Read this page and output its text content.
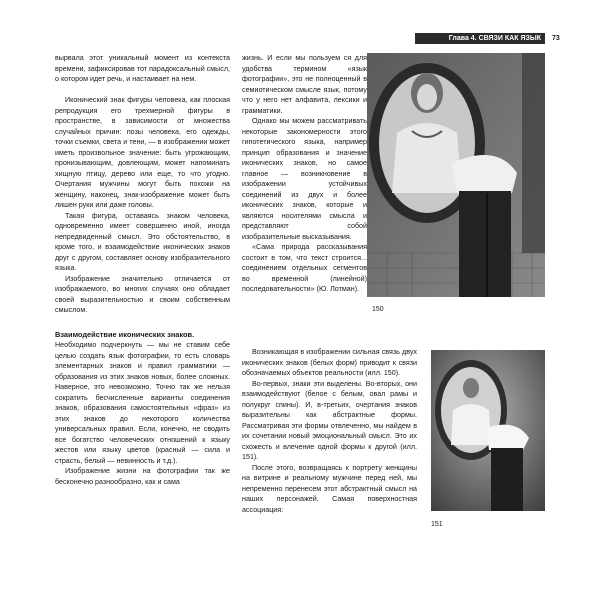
Глава 4. СВЯЗИ КАК ЯЗЫК	73

вырвала этот уникальный момент из контекста времени, зафиксировав тот парадоксальный смысл, о котором идет речь, и настаивает на нем.

Иконический знак фигуры человека, как плоская репродукция его трехмерной фигуры в пространстве, в зависимости от множества случайных причин: позы человека, его одежды, точки съемки, света и тени, — в изображении может иметь произвольное значение: быть угрожающим, пронизывающим, довлеющим, может напоминать хищную птицу, дерево или еще, то что угодно. Очертания мужчины могут быть похожи на женщину, наконец, знак-изображение может быть лишен руки или даже головы.

Такая фигура, оставаясь знаком человека, одновременно имеет совершенно иной, иногда непредвиденный смысл. Это обстоятельство, в кроме того, и взаимодействие иконических знаков друг с другом, составляет основу изобразительного языка.

Изображение значительно отличается от изображаемого, во многих случаях оно обладает своей выразительностью и своим собственным смыслом.

Взаимодействие иконических знаков.

Необходимо подчеркнуть — мы не ставим себе целью создать язык фотографии, то есть словарь элементарных знаков и правил грамматики — образования из этих знаков новых, более сложных. Наверное, это невозможно. Точно так же нельзя сократить бесчисленные варианты соединения знаков, образования самостоятельных «фраз» из этих знаков до некоторого количества универсальных правил. Если, конечно, не сводить все богатство человеческих отношений к языку жестов или языку цветов (красный — сила и страсть, белый — невинность и т.д.).

Изображение жизни на фотографии так же бесконечно разнообразно, как и сама

жизнь. И если мы пользуем ся для удобства термином «язык фотографии», это не полноценный в семиотическом смысле язык, потому что у него нет алфавита, лексики и грамматики.

Однако мы можем рассматривать некоторые закономерности этого гипотетического языка, например принцип образования и значение иконических знаков, но самое главное — возникновение в изображении устойчивых соединений из двух и более иконических знаков, которые и являются носителями смысла и представляют собой изобразительные высказывания.

«Сама природа рассказывания состоит в том, что текст строится... соединением отдельных сегментов во временной (линейной) последовательности» (Ю. Лотман).

150

Возникающая в изображении сильная связь двух иконических знаков (белых форм) приводит к связи обозначаемых объектов реальности (илл. 150).

Во-первых, знаки эти выделены. Во-вторых, они взаимодействуют (белое с белым, овал рамы и полукруг спины). И, в-третьих, очертания знаков выразительны как абстрактные формы. Рассматривая эти формы отвлеченно, мы найдем в их сочетании новый эмоциональный смысл. Это их схожесть и влечение одной формы к другой (илл. 151).

После этого, возвращаясь к портрету женщины на витрине и реальному мужчине перед ней, мы непременно перенесем этот абстрактный смысл на наших персонажей. Самая поверхностная ассоциация:

151
